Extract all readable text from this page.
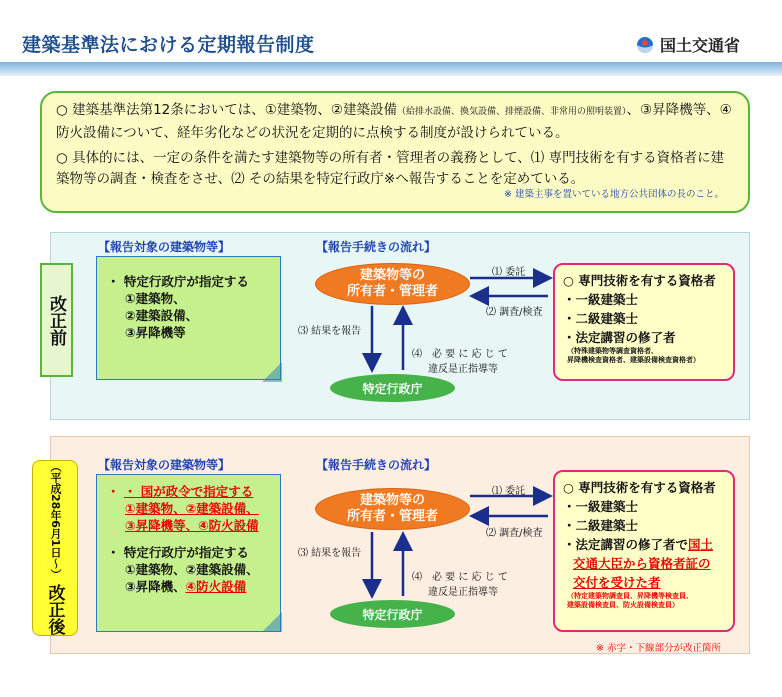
建築基準法における定期報告制度	国土交通省

○ 建築基準法第12条においては、①建築物、②建築設備（給排水設備、換気設備、排煙設備、非常用の照明装置）、③昇降機等、④防火設備について、経年劣化などの状況を定期的に点検する制度が設けられている。

○ 具体的には、一定の条件を満たす建築物等の所有者・管理者の義務として、⑴ 専門技術を有する資格者に建築物等の調査・検査をさせ、⑵ その結果を特定行政庁※へ報告することを定めている。

※ 建築主事を置いている地方公共団体の長のこと。
改正前
【報告対象の建築物等】	【報告手続きの流れ】
・ 特定行政庁が指定する
①建築物、
②建築設備、
③昇降機等
建築物等の
所有者・管理者
特定行政庁
⑴ 委託
⑵ 調査/検査
⑶ 結果を報告
⑷　必 要 に 応 じ て
違反是正指導等
○ 専門技術を有する資格者
・一級建築士
・二級建築士
・法定講習の修了者
（特殊建築物等調査資格者、
昇降機検査資格者、建築設備検査資格者）
（平成28年6月1日〜）
改正後
【報告対象の建築物等】	【報告手続きの流れ】
・ ・ 国が政令で指定する
①建築物、②建築設備、
③昇降機等、④防火設備
・ 特定行政庁が指定する
①建築物、②建築設備、
③昇降機、④防火設備
建築物等の
所有者・管理者
特定行政庁
⑴ 委託
⑵ 調査/検査
⑶ 結果を報告
⑷　必 要 に 応 じ て
違反是正指導等
○ 専門技術を有する資格者
・一級建築士
・二級建築士
・法定講習の修了者で国土
交通大臣から資格者証の
交付を受けた者
（特定建築物調査員、昇降機等検査員、
建築設備検査員、防火設備検査員）
※ 赤字・下線部分が改正箇所
